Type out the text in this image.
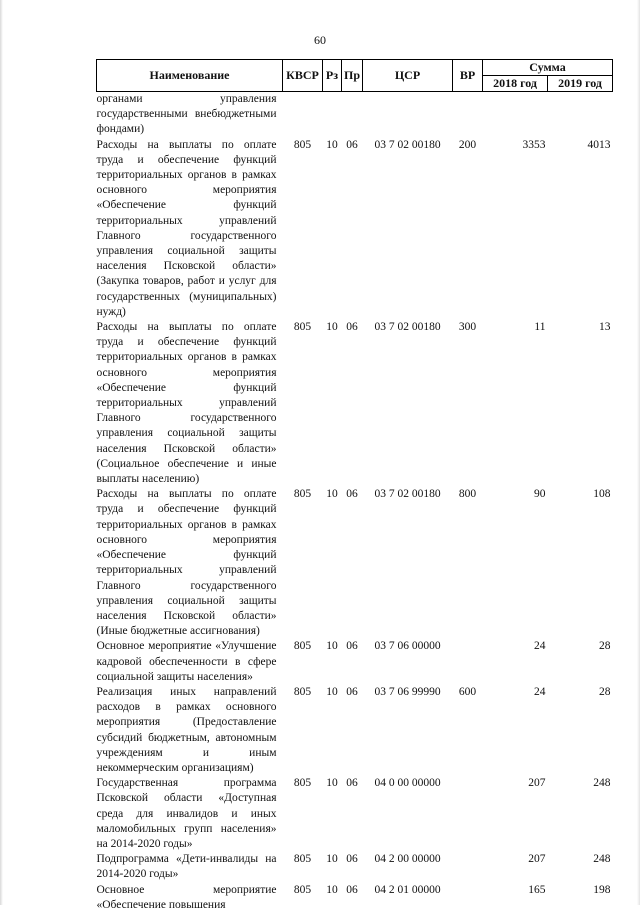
60
Наименование	КВСР	Рз	Пр	ЦСР	ВР	Сумма	
						2018 год	2019 год
органами управления государственными внебюджетными фондами)							
Расходы на выплаты по оплате труда и обеспечение функций территориальных органов в рамках основного мероприятия «Обеспечение функций территориальных управлений Главного государственного управления социальной защиты населения Псковской области» (Закупка товаров, работ и услуг для государственных (муниципальных) нужд)	805	10	06	03 7 02 00180	200	3353	4013
Расходы на выплаты по оплате труда и обеспечение функций территориальных органов в рамках основного мероприятия «Обеспечение функций территориальных управлений Главного государственного управления социальной защиты населения Псковской области» (Социальное обеспечение и иные выплаты населению)	805	10	06	03 7 02 00180	300	11	13
Расходы на выплаты по оплате труда и обеспечение функций территориальных органов в рамках основного мероприятия «Обеспечение функций территориальных управлений Главного государственного управления социальной защиты населения Псковской области» (Иные бюджетные ассигнования)	805	10	06	03 7 02 00180	800	90	108
Основное мероприятие «Улучшение кадровой обеспеченности в сфере социальной защиты населения»	805	10	06	03 7 06 00000		24	28
Реализация иных направлений расходов в рамках основного мероприятия (Предоставление субсидий бюджетным, автономным учреждениям и иным некоммерческим организациям)	805	10	06	03 7 06 99990	600	24	28
Государственная программа Псковской области «Доступная среда для инвалидов и иных маломобильных групп населения» на 2014-2020 годы»	805	10	06	04 0 00 00000		207	248
Подпрограмма «Дети-инвалиды на 2014-2020 годы»	805	10	06	04 2 00 00000		207	248
Основное мероприятие «Обеспечение повышения	805	10	06	04 2 01 00000		165	198
